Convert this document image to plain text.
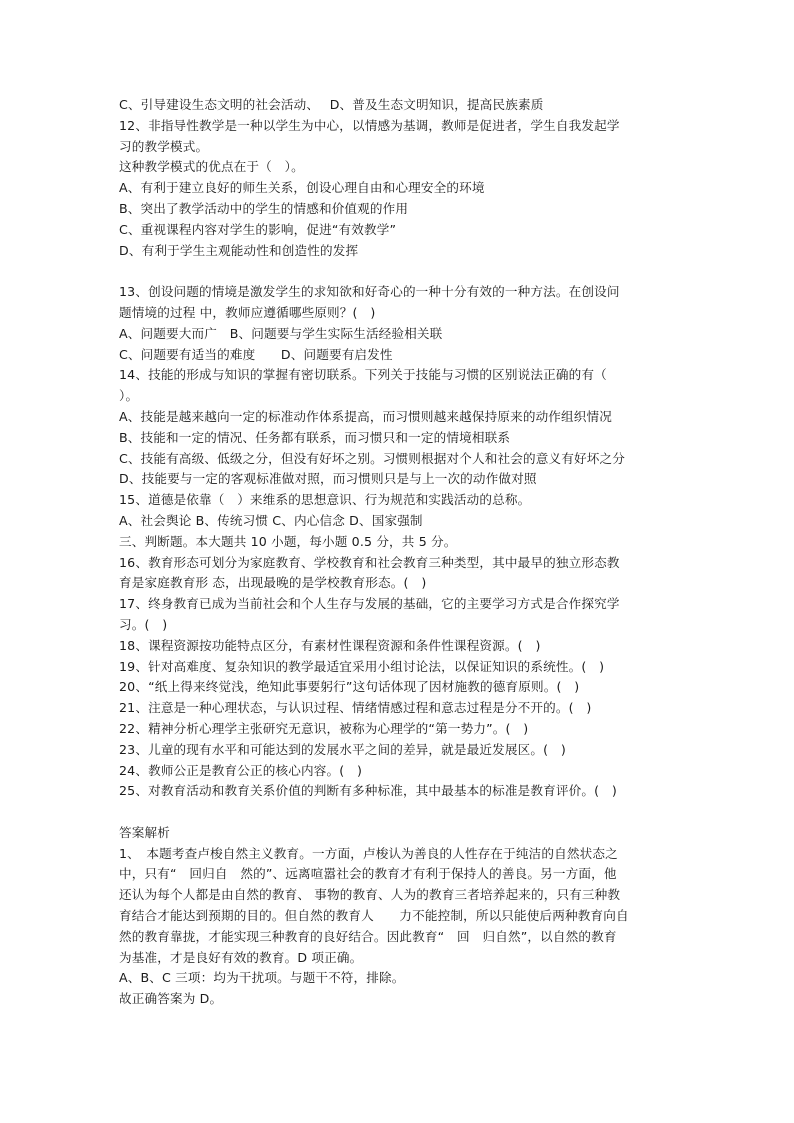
C、引导建设生态文明的社会活动、　 D、普及生态文明知识，提高民族素质
12、非指导性教学是一种以学生为中心，以情感为基调，教师是促进者，学生自我发起学
习的教学模式。
这种教学模式的优点在于（　）。
A、有利于建立良好的师生关系，创设心理自由和心理安全的环境
B、突出了教学活动中的学生的情感和价值观的作用
C、重视课程内容对学生的影响，促进“有效教学”
D、有利于学生主观能动性和创造性的发挥
13、创设问题的情境是激发学生的求知欲和好奇心的一种十分有效的一种方法。在创设问
题情境的过程 中，教师应遵循哪些原则？(　)
A、问题要大而广　B、问题要与学生实际生活经验相关联
C、问题要有适当的难度　　D、问题要有启发性
14、技能的形成与知识的掌握有密切联系。下列关于技能与习惯的区别说法正确的有（
）。
A、技能是越来越向一定的标准动作体系提高，而习惯则越来越保持原来的动作组织情况
B、技能和一定的情况、任务都有联系，而习惯只和一定的情境相联系
C、技能有高级、低级之分，但没有好坏之别。习惯则根据对个人和社会的意义有好坏之分
D、技能要与一定的客观标准做对照，而习惯则只是与上一次的动作做对照
15、道德是依靠（　）来维系的思想意识、行为规范和实践活动的总称。
A、社会舆论 B、传统习惯 C、内心信念 D、国家强制
三、判断题。本大题共 10 小题，每小题 0.5 分，共 5 分。
16、教育形态可划分为家庭教育、学校教育和社会教育三种类型，其中最早的独立形态教
育是家庭教育形 态，出现最晚的是学校教育形态。(　)
17、终身教育已成为当前社会和个人生存与发展的基础，它的主要学习方式是合作探究学
习。(　)
18、课程资源按功能特点区分，有素材性课程资源和条件性课程资源。(　)
19、针对高难度、复杂知识的教学最适宜采用小组讨论法，以保证知识的系统性。(　)
20、“纸上得来终觉浅，绝知此事要躬行”这句话体现了因材施教的德育原则。(　)
21、注意是一种心理状态，与认识过程、情绪情感过程和意志过程是分不开的。(　)
22、精神分析心理学主张研究无意识，被称为心理学的“第一势力”。(　)
23、儿童的现有水平和可能达到的发展水平之间的差异，就是最近发展区。(　)
24、教师公正是教育公正的核心内容。(　)
25、对教育活动和教育关系价值的判断有多种标准，其中最基本的标准是教育评价。(　)
答案解析
1、　本题考查卢梭自然主义教育。一方面，卢梭认为善良的人性存在于纯洁的自然状态之
中，只有“　回归自　然的”、远离喧嚣社会的教育才有利于保持人的善良。另一方面，他
还认为每个人都是由自然的教育、 事物的教育、人为的教育三者培养起来的，只有三种教
育结合才能达到预期的目的。但自然的教育人　　力不能控制，所以只能使后两种教育向自
然的教育靠拢，才能实现三种教育的良好结合。因此教育“　回　归自然”，以自然的教育
为基准，才是良好有效的教育。D 项正确。
A、B、C 三项：均为干扰项。与题干不符，排除。
故正确答案为 D。
